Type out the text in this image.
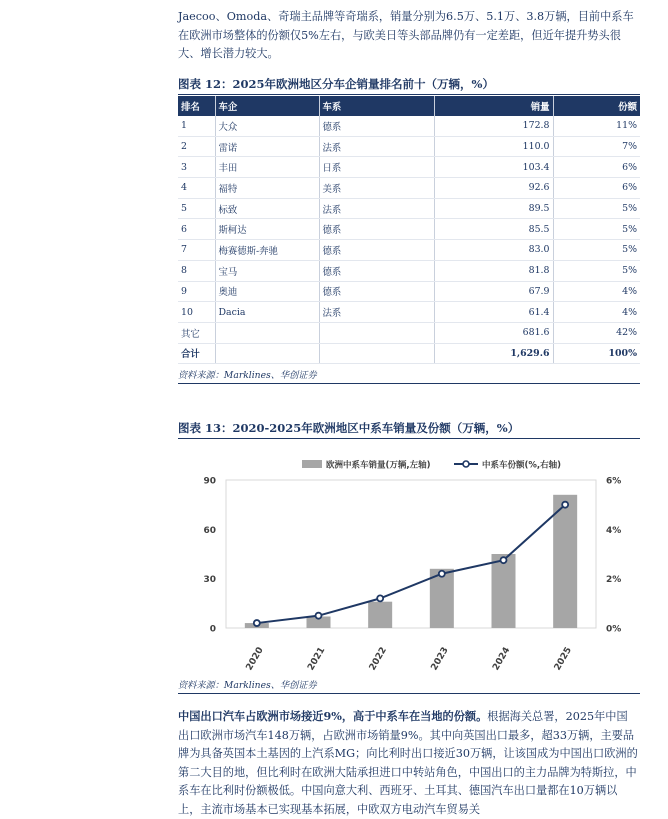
Jaecoo、Omoda、奇瑞主品牌等奇瑞系，销量分别为6.5万、5.1万、3.8万辆，目前中系车在欧洲市场整体的份额仅5%左右，与欧美日等头部品牌仍有一定差距，但近年提升势头很大、增长潜力较大。
图表 12：2025年欧洲地区分车企销量排名前十（万辆，%）
排名	车企	车系	销量	份额
1	大众	德系	172.8	11%
2	雷诺	法系	110.0	7%
3	丰田	日系	103.4	6%
4	福特	美系	92.6	6%
5	标致	法系	89.5	5%
6	斯柯达	德系	85.5	5%
7	梅赛德斯-奔驰	德系	83.0	5%
8	宝马	德系	81.8	5%
9	奥迪	德系	67.9	4%
10	Dacia	法系	61.4	4%
其它			681.6	42%
合计			1,629.6	100%
资料来源：Marklines、华创证券
图表 13：2020-2025年欧洲地区中系车销量及份额（万辆，%）
0
30
60
90
0%
2%
4%
6%
2020	2021	2022	2023	2024	2025
欧洲中系车销量(万辆,左轴)	中系车份额(%,右轴)
资料来源：Marklines、华创证券
中国出口汽车占欧洲市场接近9%，高于中系车在当地的份额。根据海关总署，2025年中国出口欧洲市场汽车148万辆，占欧洲市场销量9%。其中向英国出口最多，超33万辆，主要品牌为具备英国本土基因的上汽系MG；向比利时出口接近30万辆，让该国成为中国出口欧洲的第二大目的地，但比利时在欧洲大陆承担进口中转站角色，中国出口的主力品牌为特斯拉，中系车在比利时份额极低。中国向意大利、西班牙、土耳其、德国汽车出口量都在10万辆以上，主流市场基本已实现基本拓展，中欧双方电动汽车贸易关
